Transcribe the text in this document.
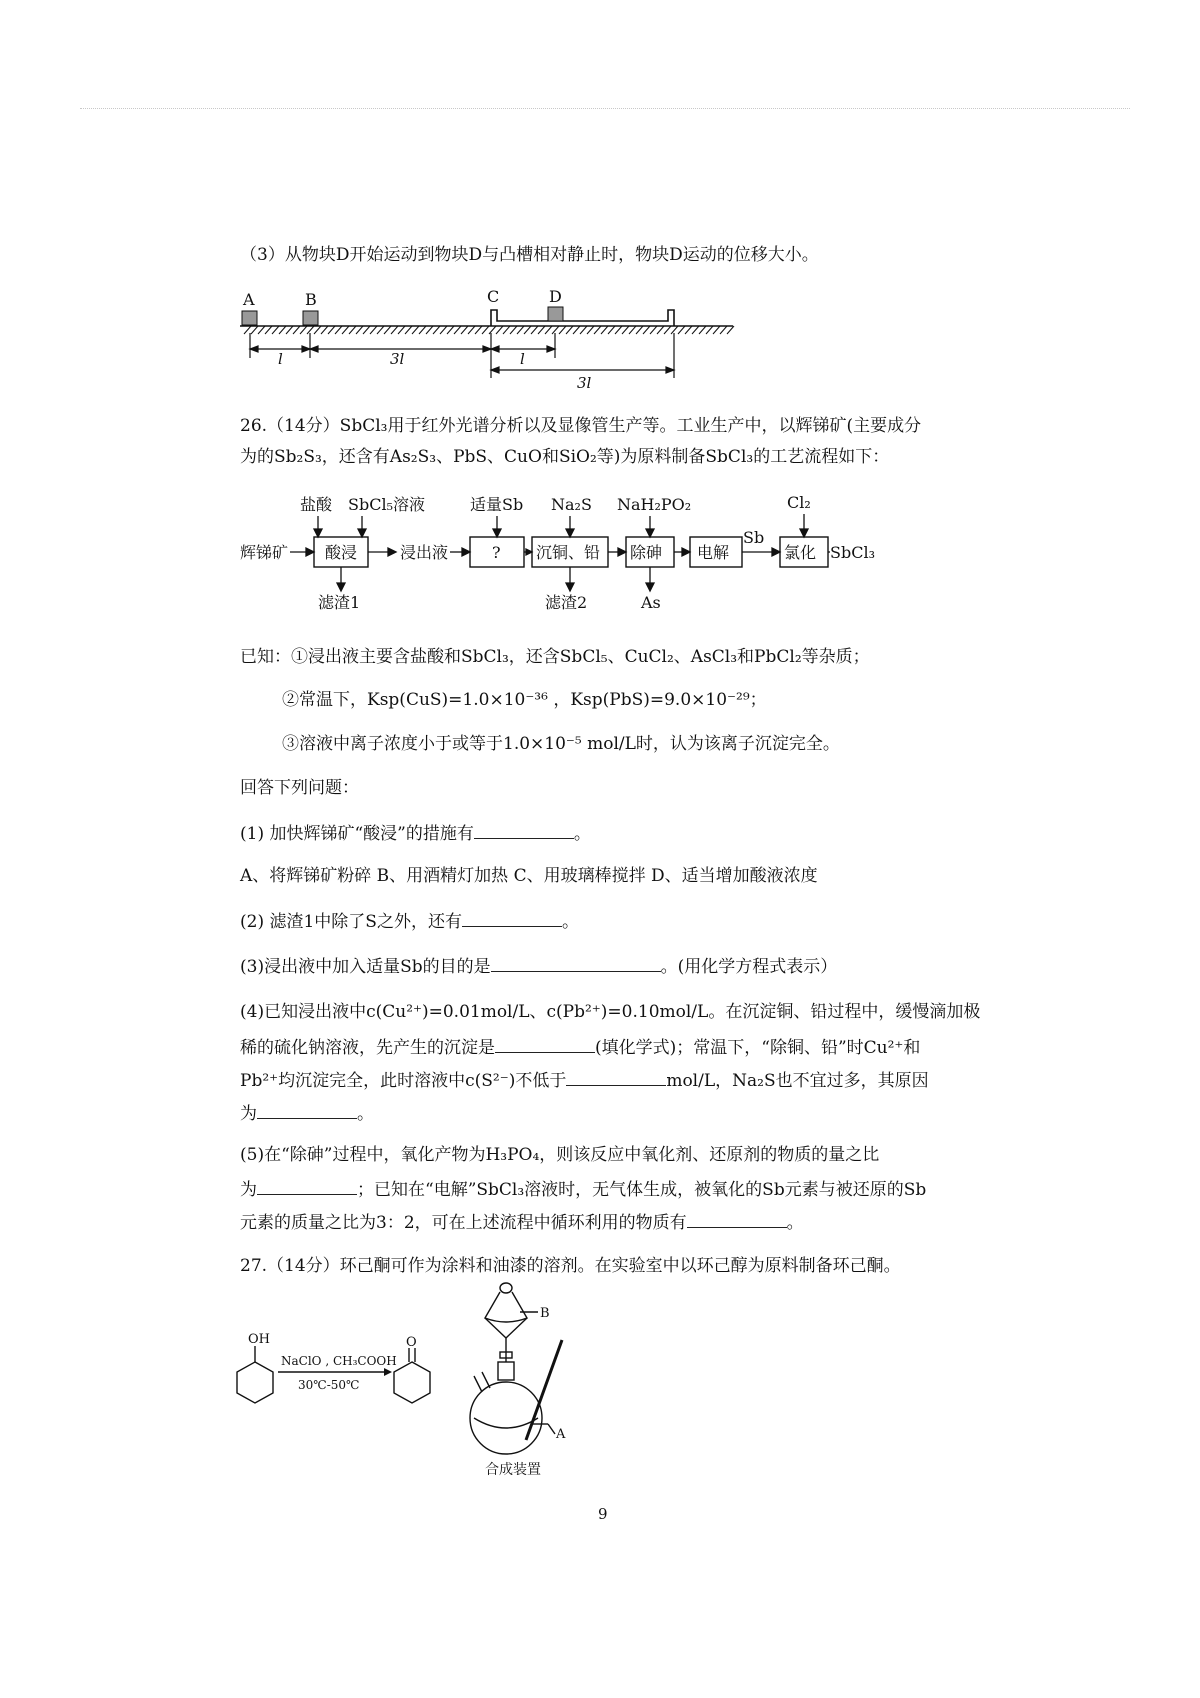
（3）从物块D开始运动到物块D与凸槽相对静止时，物块D运动的位移大小。
A	B	C	D
l	3l	l
3l
26.（14分）SbCl₃用于红外光谱分析以及显像管生产等。工业生产中，以辉锑矿(主要成分
为的Sb₂S₃，还含有As₂S₃、PbS、CuO和SiO₂等)为原料制备SbCl₃的工艺流程如下：
盐酸 SbCl₅溶液	适量Sb Na₂S NaH₂PO₂	Cl₂
辉锑矿	浸出液
Sb
SbCl₃
滤渣1	滤渣2	As
酸浸	? 沉铜、铅 除砷 电解	氯化
已知：①浸出液主要含盐酸和SbCl₃，还含SbCl₅、CuCl₂、AsCl₃和PbCl₂等杂质；
②常温下，Ksp(CuS)=1.0×10⁻³⁶ ，Ksp(PbS)=9.0×10⁻²⁹；
③溶液中离子浓度小于或等于1.0×10⁻⁵ mol/L时，认为该离子沉淀完全。
回答下列问题：
(1) 加快辉锑矿“酸浸”的措施有	。
A、将辉锑矿粉碎 B、用酒精灯加热 C、用玻璃棒搅拌 D、适当增加酸液浓度
(2) 滤渣1中除了S之外，还有	。
(3)浸出液中加入适量Sb的目的是	。(用化学方程式表示）
(4)已知浸出液中c(Cu²⁺)=0.01mol/L、c(Pb²⁺)=0.10mol/L。在沉淀铜、铅过程中，缓慢滴加极
稀的硫化钠溶液，先产生的沉淀是	(填化学式)；常温下，“除铜、铅”时Cu²⁺和
Pb²⁺均沉淀完全，此时溶液中c(S²⁻)不低于	mol/L，Na₂S也不宜过多，其原因
为	。
(5)在“除砷”过程中，氧化产物为H₃PO₄，则该反应中氧化剂、还原剂的物质的量之比
为	；已知在“电解”SbCl₃溶液时，无气体生成，被氧化的Sb元素与被还原的Sb
元素的质量之比为3：2，可在上述流程中循环利用的物质有	。
27.（14分）环己酮可作为涂料和油漆的溶剂。在实验室中以环己醇为原料制备环己酮。
OH	O
NaClO , CH₃COOH
30℃-50℃
B
A
合成装置
9
